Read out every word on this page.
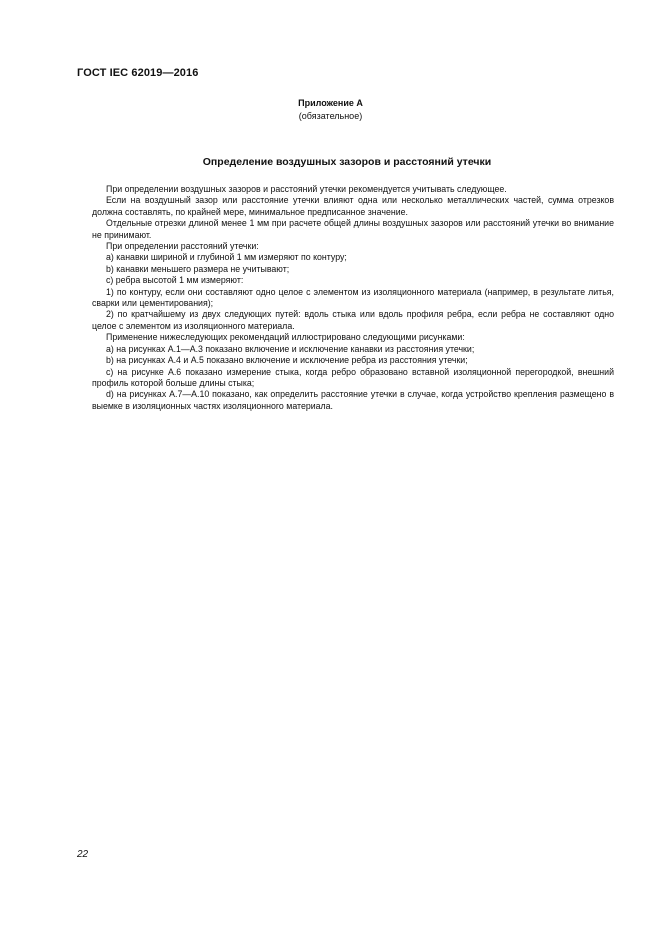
ГОСТ IEC 62019—2016
Приложение А
(обязательное)
Определение воздушных зазоров и расстояний утечки

При определении воздушных зазоров и расстояний утечки рекомендуется учитывать следующее.

Если на воздушный зазор или расстояние утечки влияют одна или несколько металлических частей, сумма отрезков должна составлять, по крайней мере, минимальное предписанное значение.

Отдельные отрезки длиной менее 1 мм при расчете общей длины воздушных зазоров или расстояний утечки во внимание не принимают.

При определении расстояний утечки:

a) канавки шириной и глубиной 1 мм измеряют по контуру;

b) канавки меньшего размера не учитывают;

c) ребра высотой 1 мм измеряют:

1) по контуру, если они составляют одно целое с элементом из изоляционного материала (например, в результате литья, сварки или цементирования);

2) по кратчайшему из двух следующих путей: вдоль стыка или вдоль профиля ребра, если ребра не составляют одно целое с элементом из изоляционного материала.

Применение нижеследующих рекомендаций иллюстрировано следующими рисунками:

a) на рисунках А.1—А.3 показано включение и исключение канавки из расстояния утечки;

b) на рисунках А.4 и А.5 показано включение и исключение ребра из расстояния утечки;

c) на рисунке А.6 показано измерение стыка, когда ребро образовано вставной изоляционной перегородкой, внешний профиль которой больше длины стыка;

d) на рисунках А.7—А.10 показано, как определить расстояние утечки в случае, когда устройство крепления размещено в выемке в изоляционных частях изоляционного материала.

22
